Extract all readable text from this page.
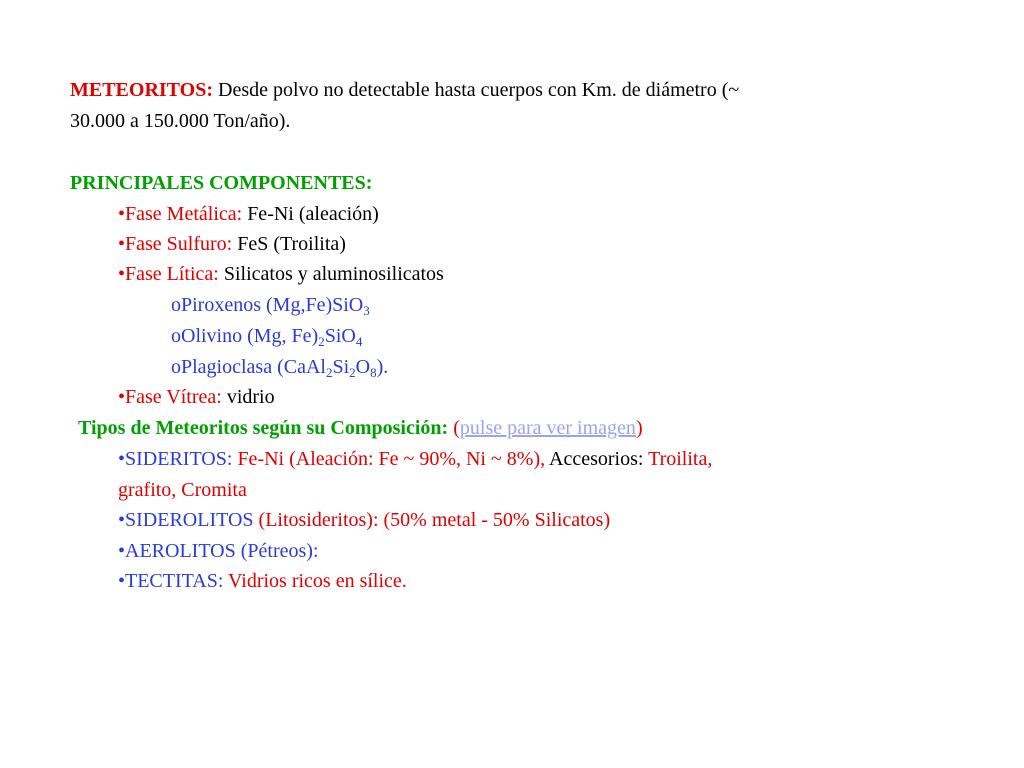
METEORITOS: Desde polvo no detectable hasta cuerpos con Km. de diámetro (~
30.000 a 150.000 Ton/año).
PRINCIPALES COMPONENTES:
•Fase Metálica: Fe-Ni (aleación)
•Fase Sulfuro: FeS (Troilita)
•Fase Lítica: Silicatos y aluminosilicatos
oPiroxenos (Mg,Fe)SiO$_3$
oOlivino (Mg, $Fe)_2SiO_4$
oPlagioclasa $(CaAl_2Si_2O_8)$.
•Fase Vítrea: vidrio
Tipos de Meteoritos según su Composición: (pulse para ver imagen)
•SIDERITOS: Fe-Ni (Aleación: Fe ~ 90%, Ni ~ 8%), Accesorios: Troilita,
grafito, Cromita
•SIDEROLITOS (Litosideritos): (50% metal - 50% Silicatos)
•AEROLITOS (Pétreos):
•TECTITAS: Vidrios ricos en sílice.
